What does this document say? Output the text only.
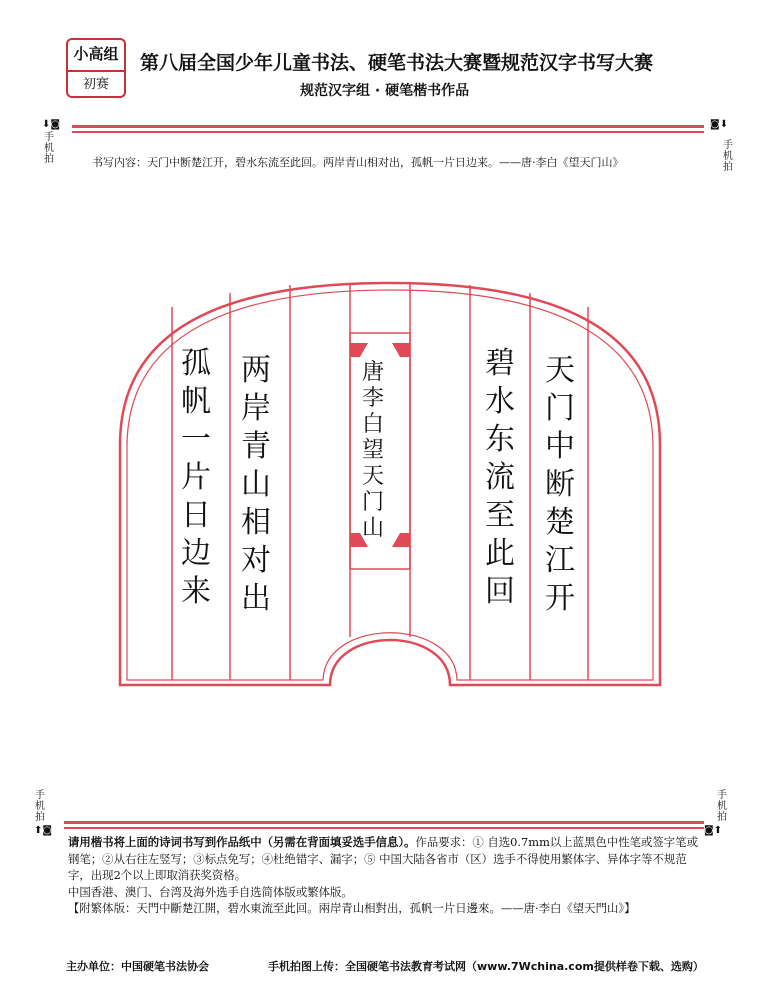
小高组
初赛
第八届全国少年儿童书法、硬笔书法大赛暨规范汉字书写大赛
规范汉字组 · 硬笔楷书作品
⬇◙
手
机
拍
◙⬇
手
机
拍
书写内容：天门中断楚江开，碧水东流至此回。两岸青山相对出，孤帆一片日边来。——唐·李白《望天门山》
天
门
中
断
楚
江
开
碧
水
东
流
至
此
回
唐
李
白
望
天
门
山
两
岸
青
山
相
对
出
孤
帆
一
片
日
边
来
手
机
拍
⬆◙
手
机
拍
◙⬆

请用楷书将上面的诗词书写到作品纸中（另需在背面填妥选手信息）。作品要求：① 自选0.7mm以上蓝黑色中性笔或签字笔或钢笔；②从右往左竖写；③标点免写；④杜绝错字、漏字；⑤ 中国大陆各省市（区）选手不得使用繁体字、异体字等不规范字，出现2个以上即取消获奖资格。

中国香港、澳门、台湾及海外选手自选简体版或繁体版。

【附繁体版：天門中斷楚江開，碧水東流至此回。兩岸青山相對出，孤帆一片日邊來。——唐·李白《望天門山》】

主办单位：中国硬笔书法协会	手机拍图上传：全国硬笔书法教育考试网（www.7Wchina.com提供样卷下载、选购）
